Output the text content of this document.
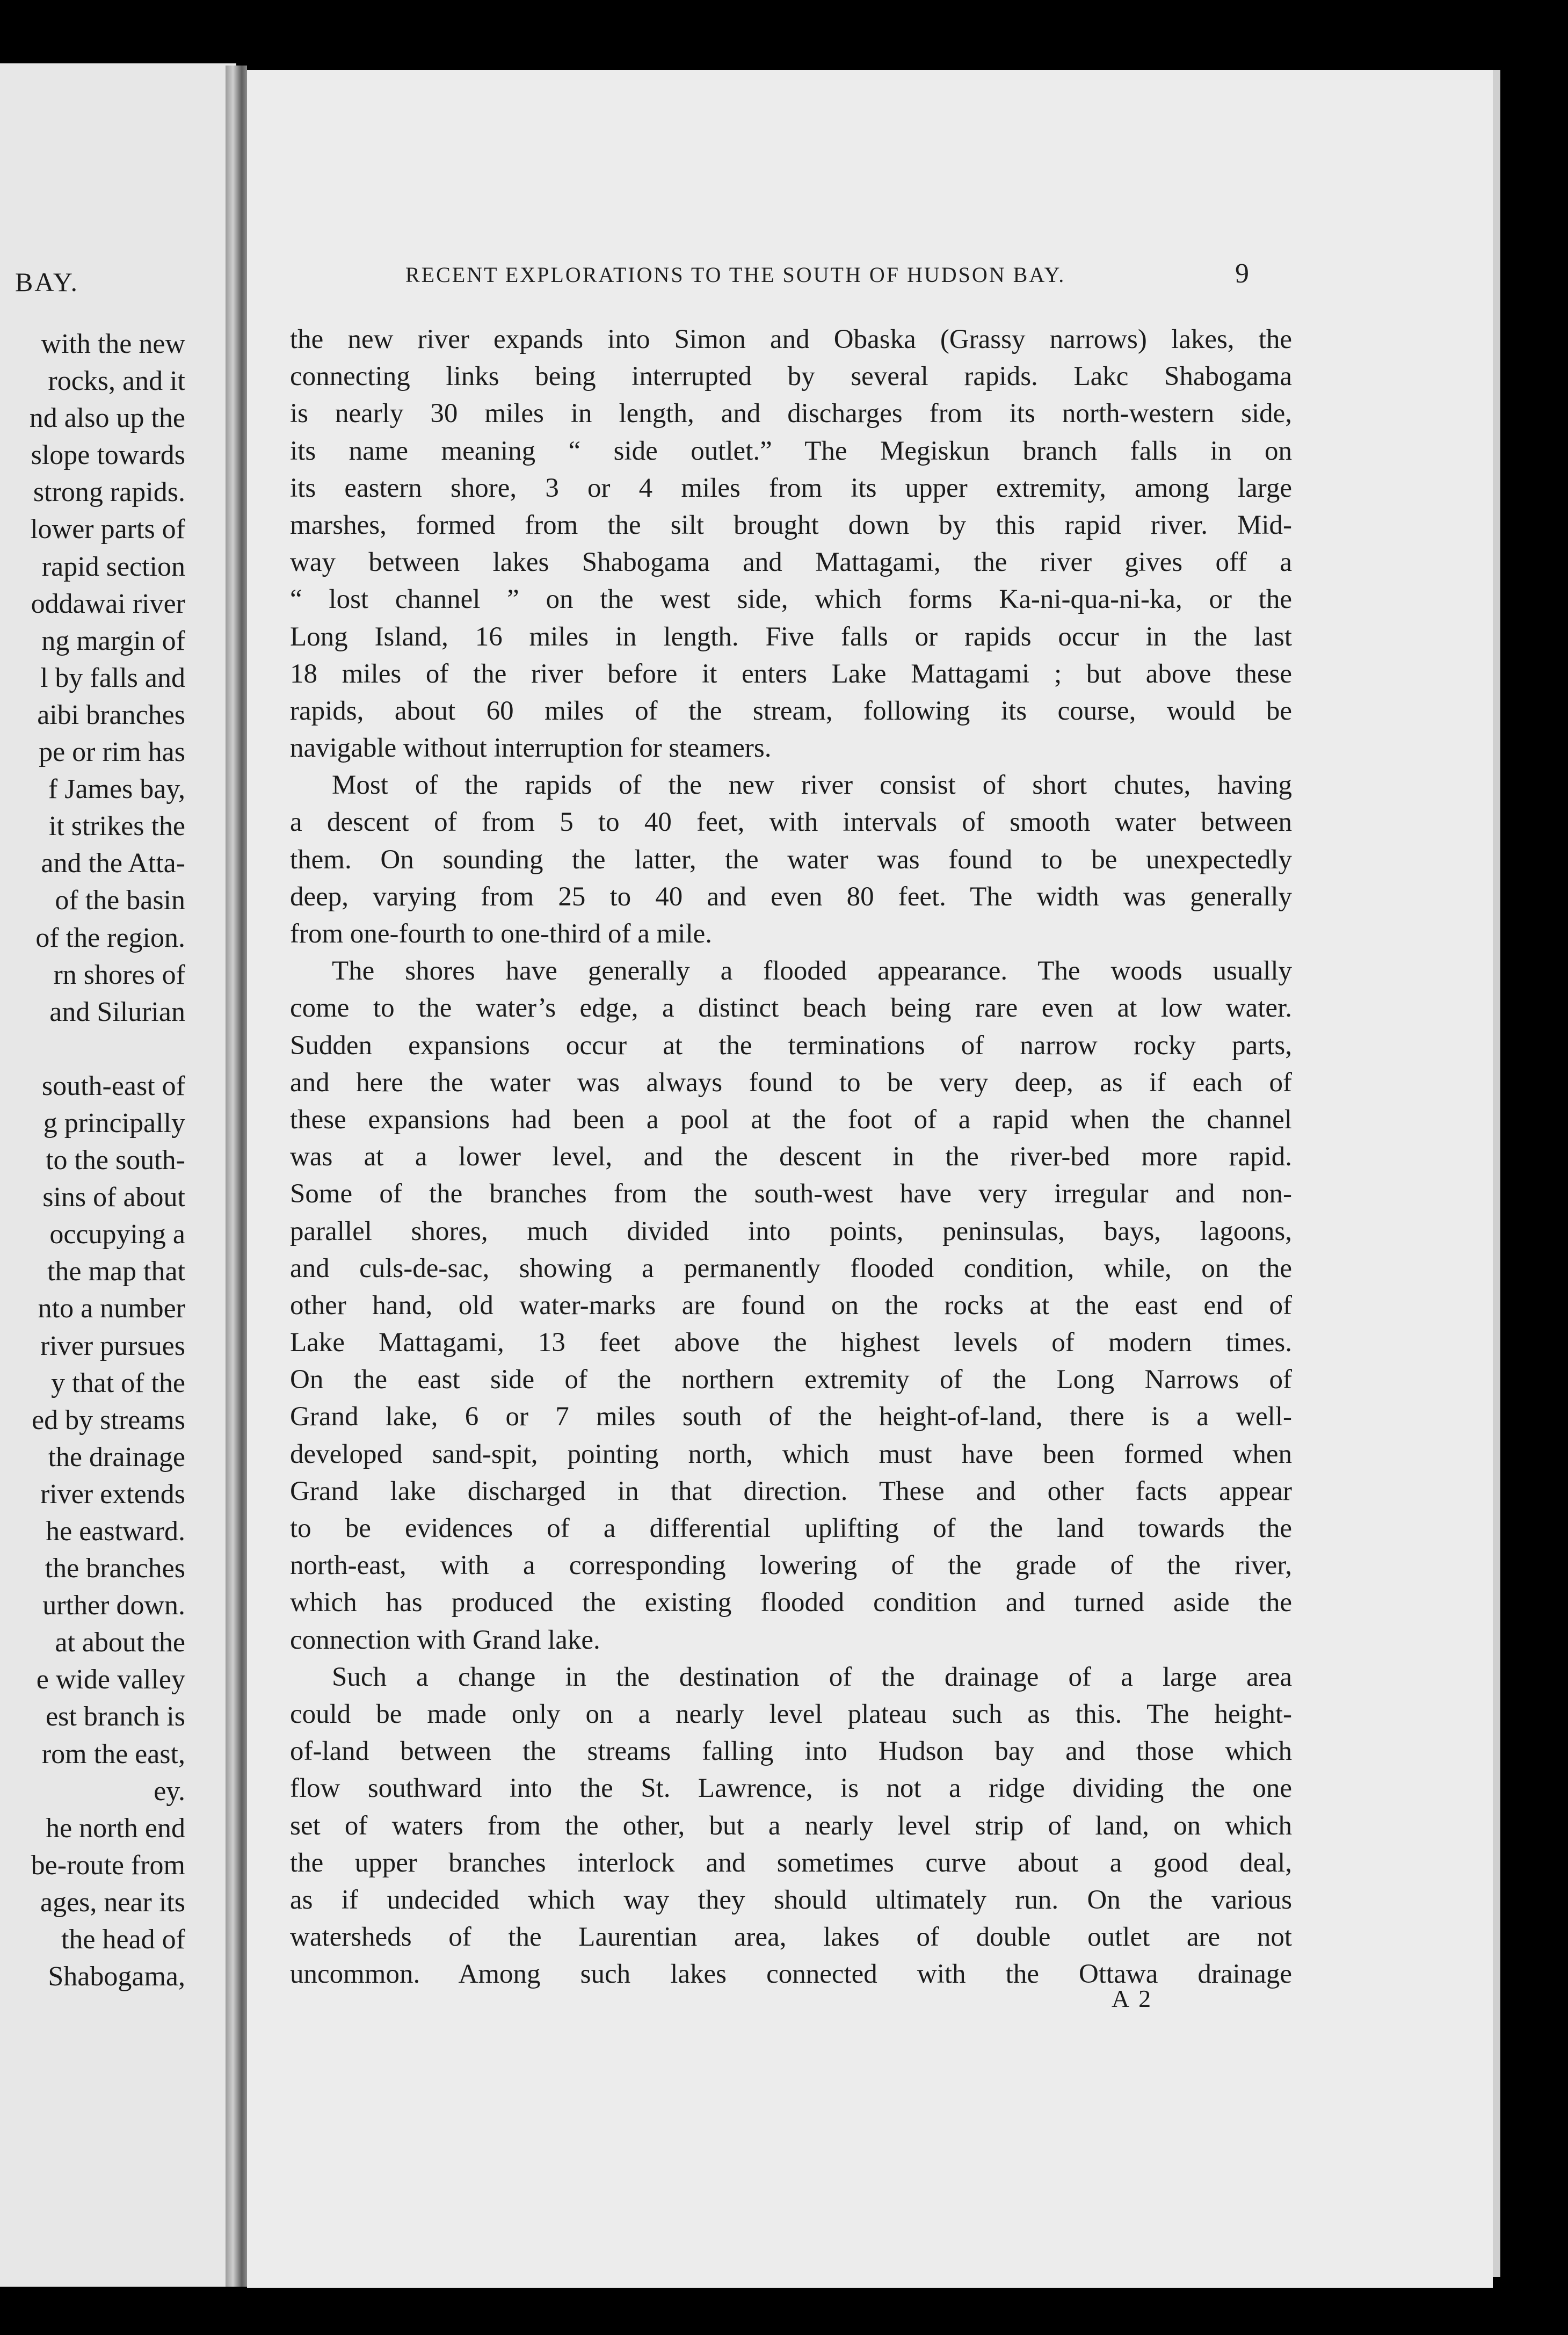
BAY.

with the new
rocks, and it
nd also up the
slope towards
strong rapids.
lower parts of
rapid section
oddawai river
ng margin of
l by falls and
aibi branches
pe or rim has
f James bay,
it strikes the
and the Atta-
of the basin
of the region.
rn shores of
and Silurian

south-east of
g principally
to the south-
sins of about
occupying a
the map that
nto a number
river pursues
y that of the
ed by streams
the drainage
river extends
he eastward.
the branches
urther down.
at about the
e wide valley
est branch is
rom the east,
ey.
he north end
be-route from
ages, near its
the head of
Shabogama,

RECENT EXPLORATIONS TO THE SOUTH OF HUDSON BAY.	9

the new river expands into Simon and Obaska (Grassy narrows) lakes, the
connecting links being interrupted by several rapids. Lakc Shabogama
is nearly 30 miles in length, and discharges from its north-western side,
its name meaning “ side outlet.” The Megiskun branch falls in on
its eastern shore, 3 or 4 miles from its upper extremity, among large
marshes, formed from the silt brought down by this rapid river. Mid-
way between lakes Shabogama and Mattagami, the river gives off a
“ lost channel ” on the west side, which forms Ka-ni-qua-ni-ka, or the
Long Island, 16 miles in length. Five falls or rapids occur in the last
18 miles of the river before it enters Lake Mattagami ; but above these
rapids, about 60 miles of the stream, following its course, would be
navigable without interruption for steamers.
Most of the rapids of the new river consist of short chutes, having
a descent of from 5 to 40 feet, with intervals of smooth water between
them. On sounding the latter, the water was found to be unexpectedly
deep, varying from 25 to 40 and even 80 feet. The width was generally
from one-fourth to one-third of a mile.
The shores have generally a flooded appearance. The woods usually
come to the water’s edge, a distinct beach being rare even at low water.
Sudden expansions occur at the terminations of narrow rocky parts,
and here the water was always found to be very deep, as if each of
these expansions had been a pool at the foot of a rapid when the channel
was at a lower level, and the descent in the river-bed more rapid.
Some of the branches from the south-west have very irregular and non-
parallel shores, much divided into points, peninsulas, bays, lagoons,
and culs-de-sac, showing a permanently flooded condition, while, on the
other hand, old water-marks are found on the rocks at the east end of
Lake Mattagami, 13 feet above the highest levels of modern times.
On the east side of the northern extremity of the Long Narrows of
Grand lake, 6 or 7 miles south of the height-of-land, there is a well-
developed sand-spit, pointing north, which must have been formed when
Grand lake discharged in that direction. These and other facts appear
to be evidences of a differential uplifting of the land towards the
north-east, with a corresponding lowering of the grade of the river,
which has produced the existing flooded condition and turned aside the
connection with Grand lake.
Such a change in the destination of the drainage of a large area
could be made only on a nearly level plateau such as this. The height-
of-land between the streams falling into Hudson bay and those which
flow southward into the St. Lawrence, is not a ridge dividing the one
set of waters from the other, but a nearly level strip of land, on which
the upper branches interlock and sometimes curve about a good deal,
as if undecided which way they should ultimately run. On the various
watersheds of the Laurentian area, lakes of double outlet are not
uncommon. Among such lakes connected with the Ottawa drainage

A 2
